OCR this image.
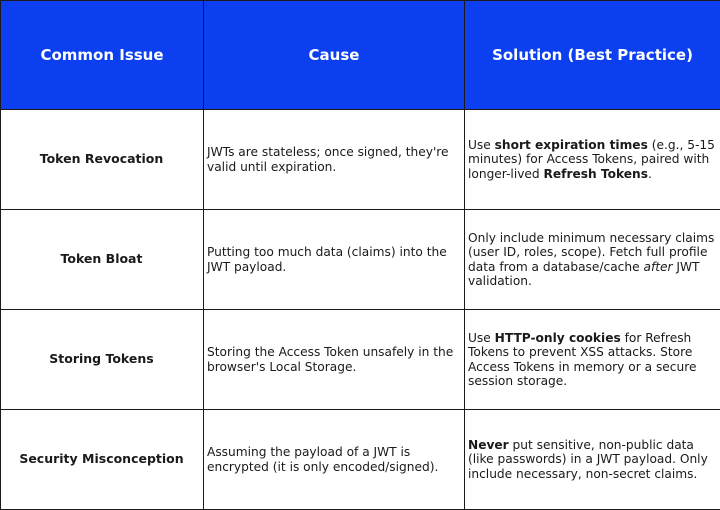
Common Issue	Cause	Solution (Best Practice)
Token Revocation	JWTs are stateless; once signed, they're valid until expiration.	Use short expiration times (e.g., 5-15 minutes) for Access Tokens, paired with longer-lived Refresh Tokens.
Token Bloat	Putting too much data (claims) into the JWT payload.	Only include minimum necessary claims (user ID, roles, scope). Fetch full profile data from a database/cache after JWT validation.
Storing Tokens	Storing the Access Token unsafely in the browser's Local Storage.	Use HTTP-only cookies for Refresh Tokens to prevent XSS attacks. Store Access Tokens in memory or a secure session storage.
Security Misconception	Assuming the payload of a JWT is encrypted (it is only encoded/signed).	Never put sensitive, non-public data (like passwords) in a JWT payload. Only include necessary, non-secret claims.
